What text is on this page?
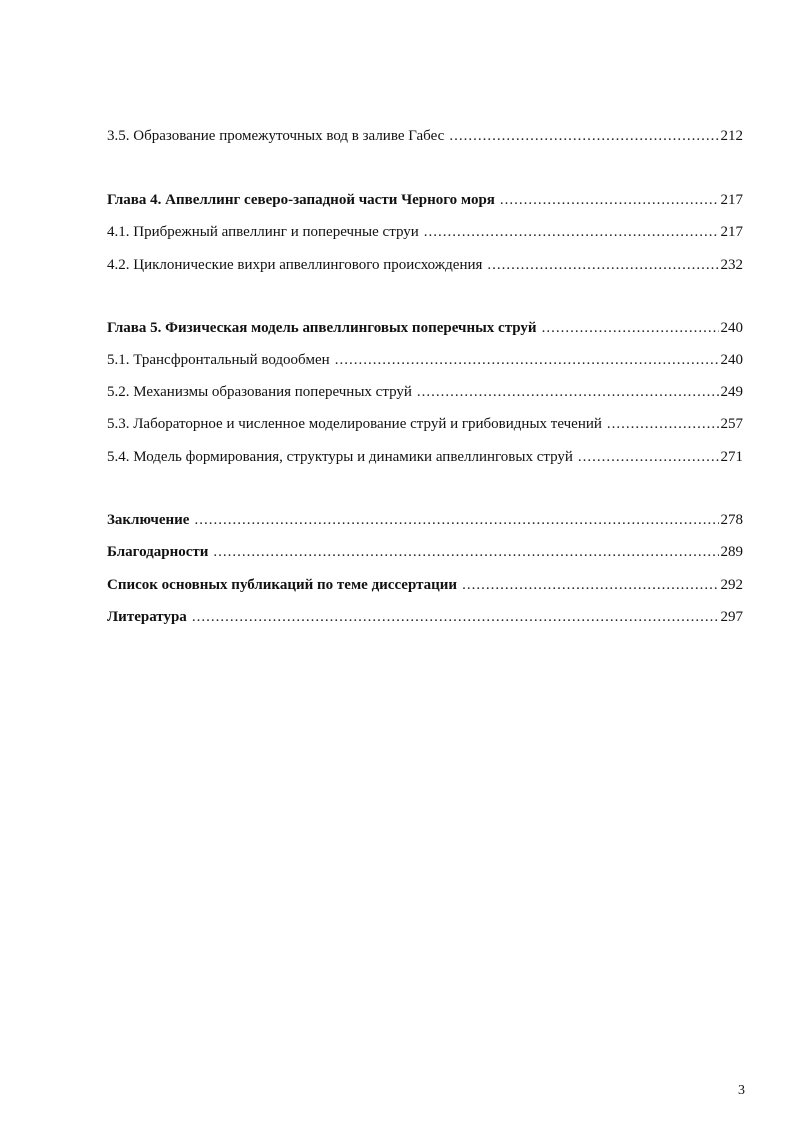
3.5. Образование промежуточных вод в заливе Габес .....	212
Глава 4. Апвеллинг северо-западной части Черного моря .....	217
4.1. Прибрежный апвеллинг и поперечные струи .....	217
4.2. Циклонические вихри апвеллингового происхождения .....	232
Глава 5. Физическая модель апвеллинговых поперечных струй .....	240
5.1. Трансфронтальный водообмен .....	240
5.2. Механизмы образования поперечных струй .....	249
5.3. Лабораторное и численное моделирование струй и грибовидных течений .....	257
5.4. Модель формирования, структуры и динамики апвеллинговых струй .....	271
Заключение .....	278
Благодарности .....	289
Список основных публикаций по теме диссертации .....	292
Литература .....	297
3
